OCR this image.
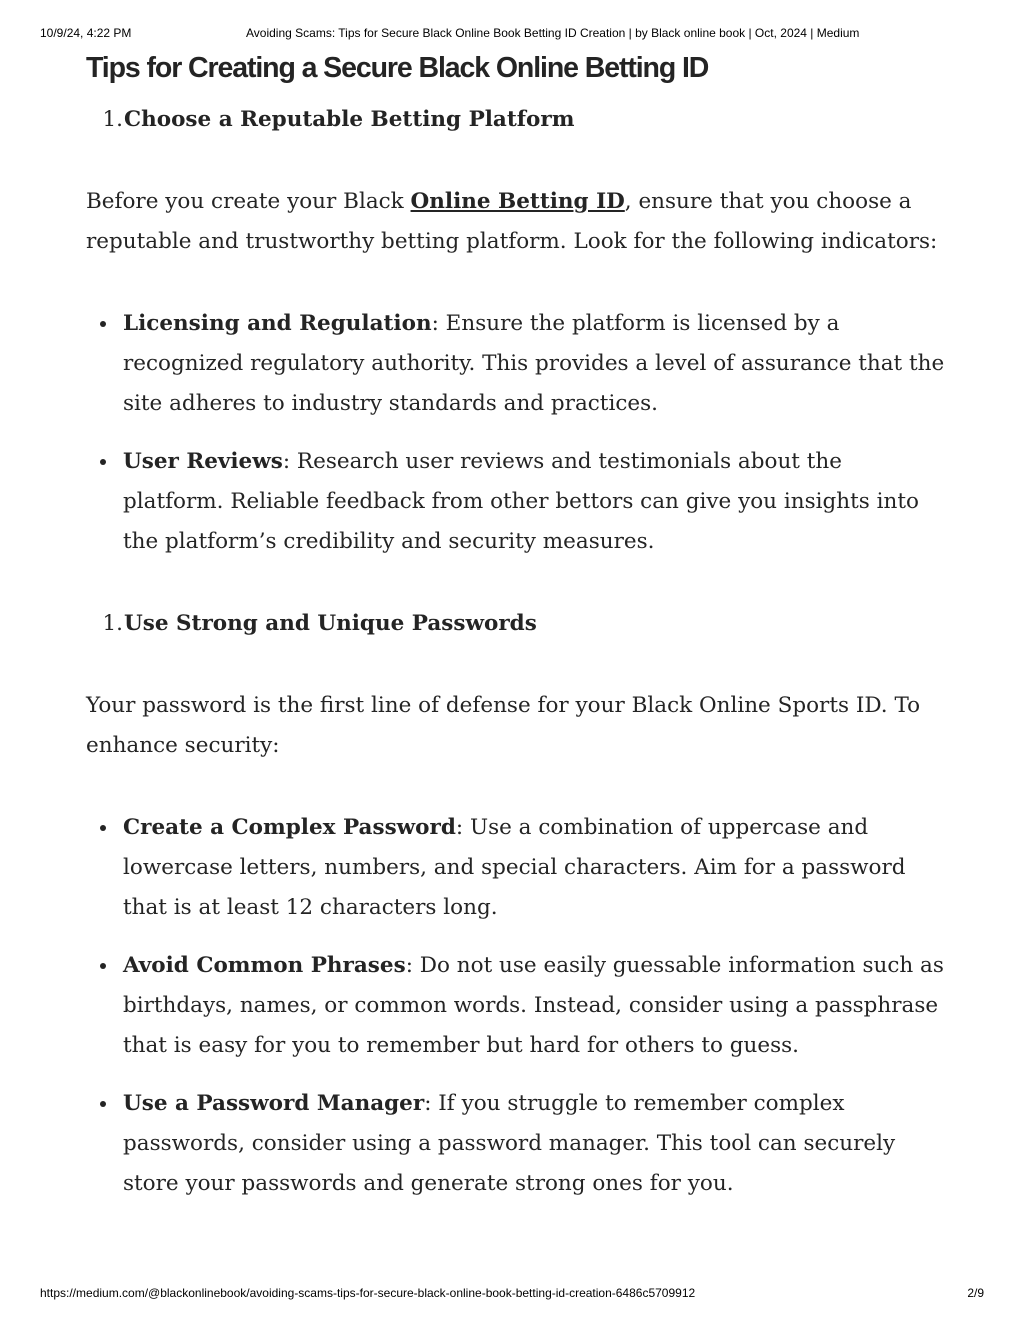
10/9/24, 4:22 PM	Avoiding Scams: Tips for Secure Black Online Book Betting ID Creation | by Black online book | Oct, 2024 | Medium
Tips for Creating a Secure Black Online Betting ID

1. Choose a Reputable Betting Platform

Before you create your Black Online Betting ID, ensure that you choose a reputable and trustworthy betting platform. Look for the following indicators:

Licensing and Regulation: Ensure the platform is licensed by a recognized regulatory authority. This provides a level of assurance that the site adheres to industry standards and practices.
User Reviews: Research user reviews and testimonials about the platform. Reliable feedback from other bettors can give you insights into the platform’s credibility and security measures.

1. Use Strong and Unique Passwords

Your password is the first line of defense for your Black Online Sports ID. To enhance security:

Create a Complex Password: Use a combination of uppercase and lowercase letters, numbers, and special characters. Aim for a password that is at least 12 characters long.
Avoid Common Phrases: Do not use easily guessable information such as birthdays, names, or common words. Instead, consider using a passphrase that is easy for you to remember but hard for others to guess.
Use a Password Manager: If you struggle to remember complex passwords, consider using a password manager. This tool can securely store your passwords and generate strong ones for you.
https://medium.com/@blackonlinebook/avoiding-scams-tips-for-secure-black-online-book-betting-id-creation-6486c5709912	2/9
